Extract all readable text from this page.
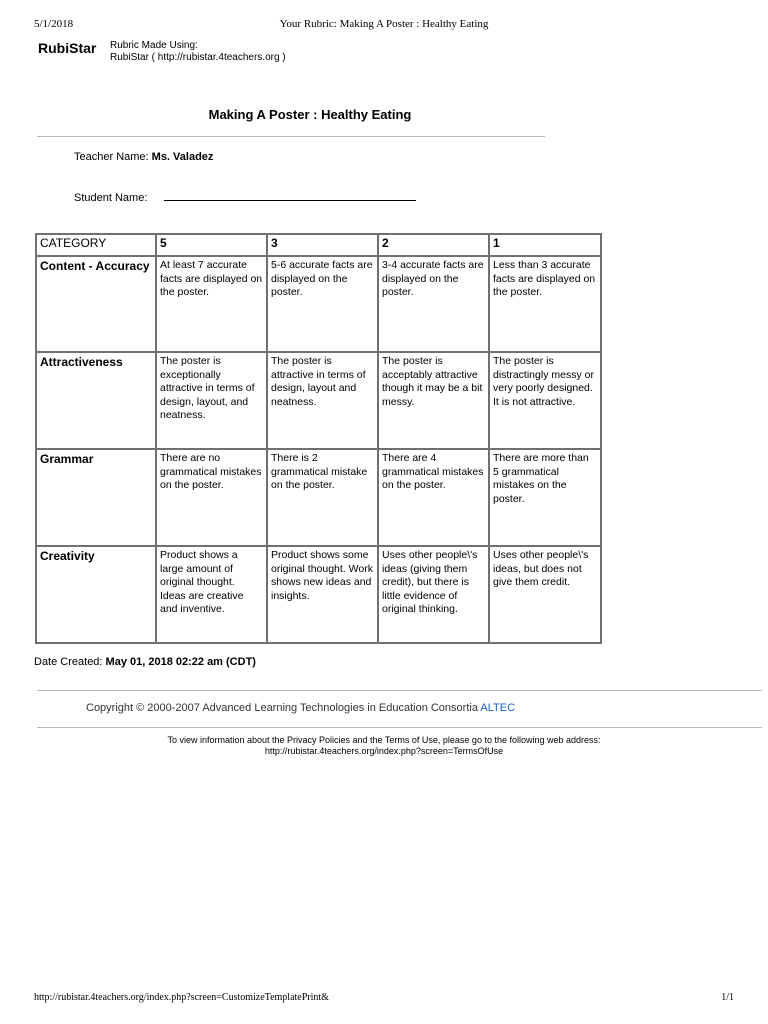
5/1/2018	Your Rubric: Making A Poster : Healthy Eating
RubiStar Rubric Made Using:
RubiStar ( http://rubistar.4teachers.org )
Making A Poster : Healthy Eating
Teacher Name: Ms. Valadez
Student Name:
CATEGORY	5	3	2	1
Content - Accuracy	At least 7 accurate facts are displayed on the poster.	5-6 accurate facts are displayed on the poster.	3-4 accurate facts are displayed on the poster.	Less than 3 accurate facts are displayed on the poster.
Attractiveness	The poster is exceptionally attractive in terms of design, layout, and neatness.	The poster is attractive in terms of design, layout and neatness.	The poster is acceptably attractive though it may be a bit messy.	The poster is distractingly messy or very poorly designed. It is not attractive.
Grammar	There are no grammatical mistakes on the poster.	There is 2 grammatical mistake on the poster.	There are 4 grammatical mistakes on the poster.	There are more than 5 grammatical mistakes on the poster.
Creativity	Product shows a large amount of original thought. Ideas are creative and inventive.	Product shows some original thought. Work shows new ideas and insights.	Uses other people\'s ideas (giving them credit), but there is little evidence of original thinking.	Uses other people\'s ideas, but does not give them credit.
Date Created: May 01, 2018 02:22 am (CDT)
Copyright © 2000-2007 Advanced Learning Technologies in Education Consortia ALTEC
To view information about the Privacy Policies and the Terms of Use, please go to the following web address:
http://rubistar.4teachers.org/index.php?screen=TermsOfUse
http://rubistar.4teachers.org/index.php?screen=CustomizeTemplatePrint&	1/1
